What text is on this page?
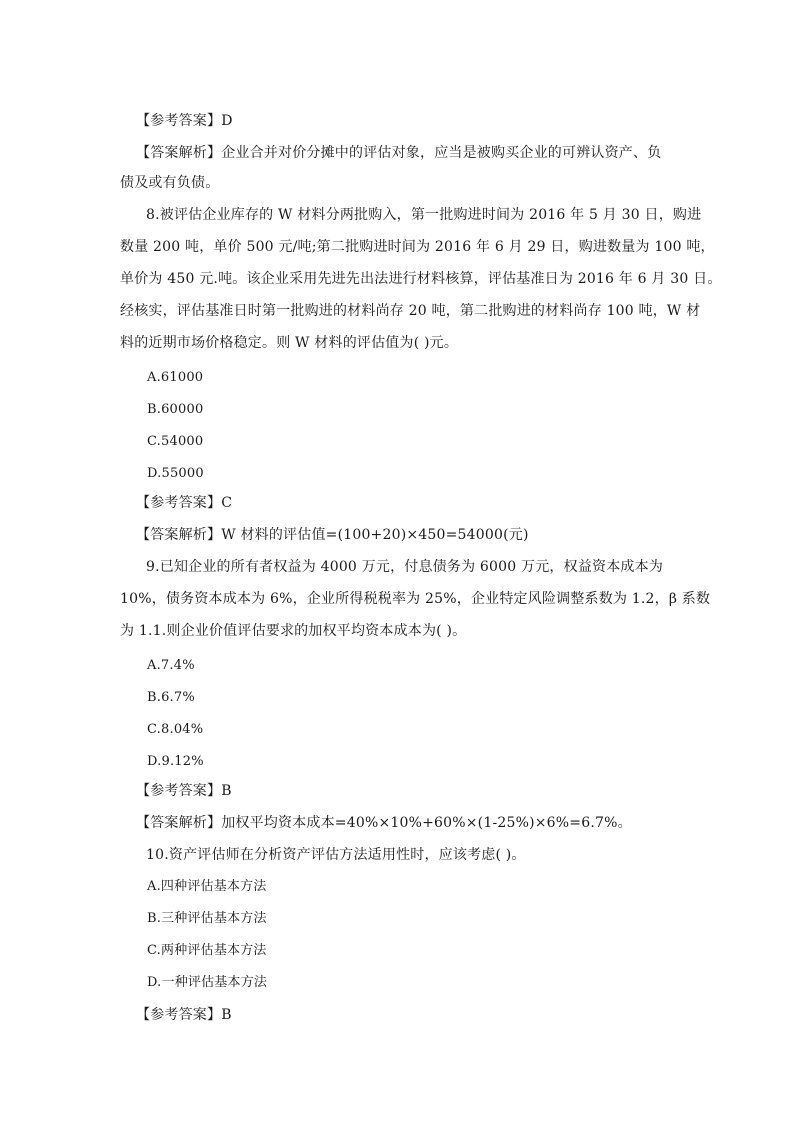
【参考答案】D
【答案解析】企业合并对价分摊中的评估对象，应当是被购买企业的可辨认资产、负
债及或有负债。
8.被评估企业库存的 W 材料分两批购入，第一批购进时间为 2016 年 5 月 30 日，购进
数量 200 吨，单价 500 元/吨;第二批购进时间为 2016 年 6 月 29 日，购进数量为 100 吨，
单价为 450 元.吨。该企业采用先进先出法进行材料核算，评估基准日为 2016 年 6 月 30 日。
经核实，评估基准日时第一批购进的材料尚存 20 吨，第二批购进的材料尚存 100 吨，W 材
料的近期市场价格稳定。则 W 材料的评估值为( )元。
A.61000
B.60000
C.54000
D.55000
【参考答案】C
【答案解析】W 材料的评估值=(100+20)×450=54000(元)
9.已知企业的所有者权益为 4000 万元，付息债务为 6000 万元，权益资本成本为
10%，债务资本成本为 6%，企业所得税税率为 25%，企业特定风险调整系数为 1.2，β 系数
为 1.1.则企业价值评估要求的加权平均资本成本为( )。
A.7.4%
B.6.7%
C.8.04%
D.9.12%
【参考答案】B
【答案解析】加权平均资本成本=40%×10%+60%×(1-25%)×6%=6.7%。
10.资产评估师在分析资产评估方法适用性时，应该考虑( )。
A.四种评估基本方法
B.三种评估基本方法
C.两种评估基本方法
D.一种评估基本方法
【参考答案】B
